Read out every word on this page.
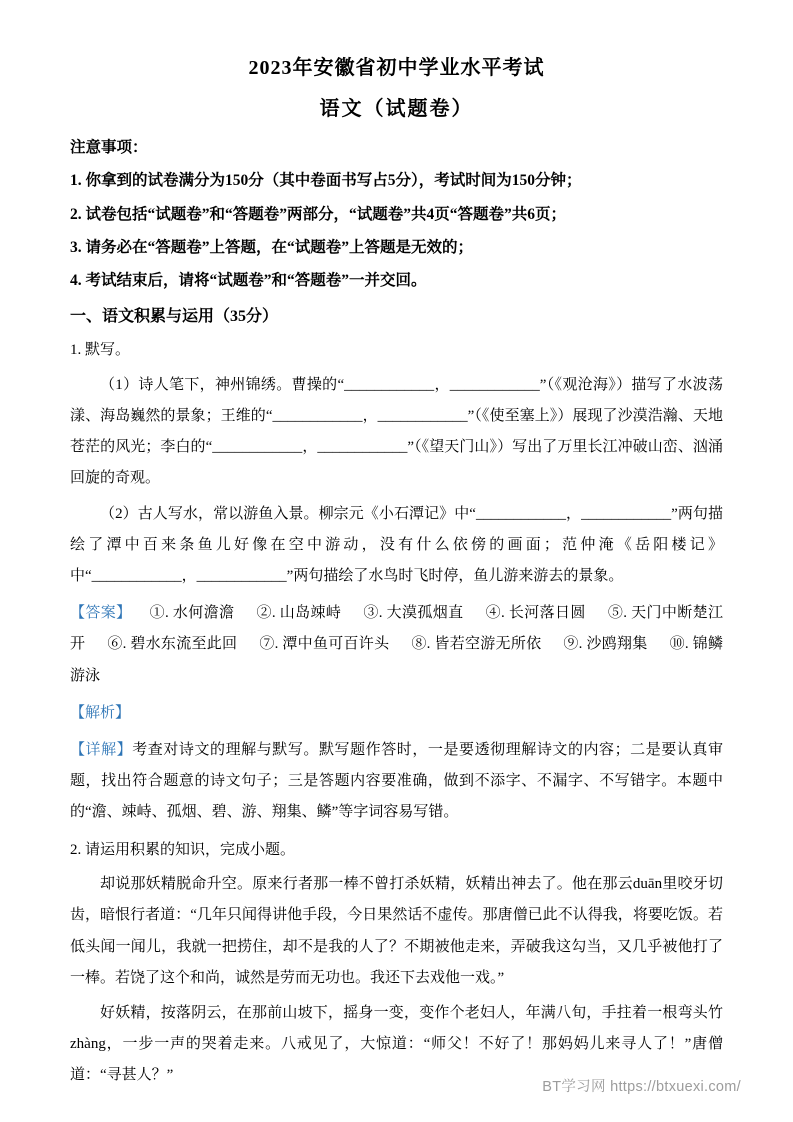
2023年安徽省初中学业水平考试
语文（试题卷）

注意事项：

1. 你拿到的试卷满分为150分（其中卷面书写占5分），考试时间为150分钟；

2. 试卷包括“试题卷”和“答题卷”两部分，“试题卷”共4页“答题卷”共6页；

3. 请务必在“答题卷”上答题，在“试题卷”上答题是无效的；

4. 考试结束后，请将“试题卷”和“答题卷”一并交回。

一、语文积累与运用（35分）

1. 默写。

（1）诗人笔下，神州锦绣。曹操的“____________，____________”（《观沧海》）描写了水波荡漾、海岛巍然的景象；王维的“____________，____________”（《使至塞上》）展现了沙漠浩瀚、天地苍茫的风光；李白的“____________，____________”（《望天门山》）写出了万里长江冲破山峦、汹涌回旋的奇观。

（2）古人写水，常以游鱼入景。柳宗元《小石潭记》中“____________，____________”两句描绘了潭中百来条鱼儿好像在空中游动，没有什么依傍的画面；范仲淹《岳阳楼记》中“____________，____________”两句描绘了水鸟时飞时停，鱼儿游来游去的景象。

【答案】 ①. 水何澹澹 ②. 山岛竦峙 ③. 大漠孤烟直 ④. 长河落日圆 ⑤. 天门中断楚江开 ⑥. 碧水东流至此回 ⑦. 潭中鱼可百许头 ⑧. 皆若空游无所依 ⑨. 沙鸥翔集 ⑩. 锦鳞游泳

【解析】

【详解】考查对诗文的理解与默写。默写题作答时，一是要透彻理解诗文的内容；二是要认真审题，找出符合题意的诗文句子；三是答题内容要准确，做到不添字、不漏字、不写错字。本题中的“澹、竦峙、孤烟、碧、游、翔集、鳞”等字词容易写错。

2. 请运用积累的知识，完成小题。

却说那妖精脱命升空。原来行者那一棒不曾打杀妖精，妖精出神去了。他在那云duān里咬牙切齿，暗恨行者道：“几年只闻得讲他手段，今日果然话不虚传。那唐僧已此不认得我，将要吃饭。若低头闻一闻儿，我就一把捞住，却不是我的人了？不期被他走来，弄破我这勾当，又几乎被他打了一棒。若饶了这个和尚，诚然是劳而无功也。我还下去戏他一戏。”

好妖精，按落阴云，在那前山坡下，摇身一变，变作个老妇人，年满八旬，手拄着一根弯头竹zhàng，一步一声的哭着走来。八戒见了，大惊道：“师父！不好了！那妈妈儿来寻人了！”唐僧道：“寻甚人？”

BT学习网 https://btxuexi.com/
